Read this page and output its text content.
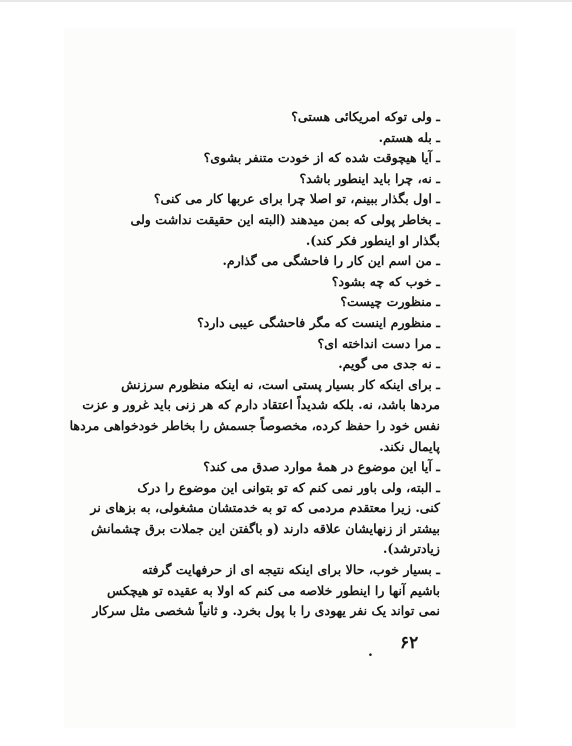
ـ ولی توکه امریکائی هستی؟
ـ بله هستم.
ـ آیا هیچوقت شده که از خودت متنفر بشوی؟
ـ نه، چرا باید اینطور باشد؟
ـ اول بگذار ببینم، تو اصلا چرا برای عربها کار می کنی؟
ـ بخاطر پولی که بمن میدهند (البته این حقیقت نداشت ولی
بگذار او اینطور فکر کند).
ـ من اسم این کار را فاحشگی می گذارم.
ـ خوب که چه بشود؟
ـ منظورت چیست؟
ـ منظورم اینست که مگر فاحشگی عیبی دارد؟
ـ مرا دست انداخته ای؟
ـ نه جدی می گویم.
ـ برای اینکه کار بسیار پستی است، نه اینکه منظورم سرزنش
مردها باشد، نه. بلکه شدیداً اعتقاد دارم که هر زنی باید غرور و عزت
نفس خود را حفظ کرده، مخصوصاً جسمش را بخاطر خودخواهی مردها
پایمال نکند.
ـ آیا این موضوع در همهٔ موارد صدق می کند؟
ـ البته، ولی باور نمی کنم که تو بتوانی این موضوع را درک
کنی. زیرا معتقدم مردمی که تو به خدمتشان مشغولی، به بزهای نر
بیشتر از زنهایشان علاقه دارند (و باگفتن این جملات برق چشمانش
زیادترشد).
ـ بسیار خوب، حالا برای اینکه نتیجه ای از حرفهایت گرفته
باشیم آنها را اینطور خلاصه می کنم که اولا به عقیده تو هیچکس
نمی تواند یک نفر یهودی را با پول بخرد. و ثانیاً شخصی مثل سرکار
. ۶۲
